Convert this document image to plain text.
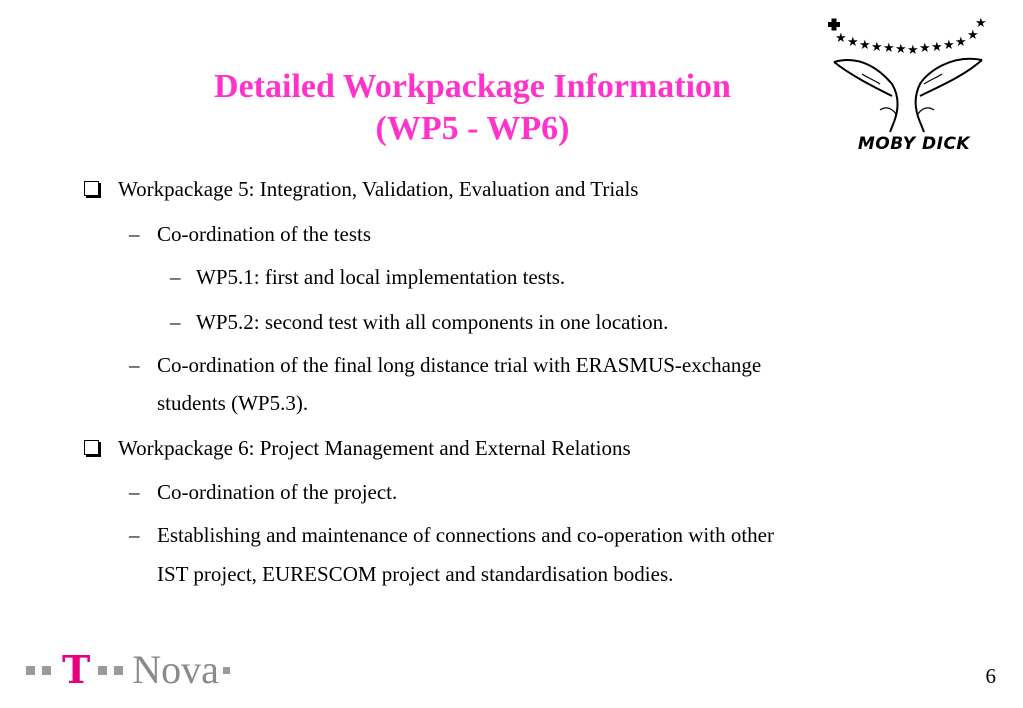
Detailed Workpackage Information
(WP5 - WP6)
★ ★ ★ ★ ★ ★ ★ ★ ★ ★ ★ ★
★
MOBY DICK
Workpackage 5: Integration, Validation, Evaluation and Trials
– Co-ordination of the tests
– WP5.1: first and local implementation tests.
– WP5.2: second test with all components in one location.
– Co-ordination of the final long distance trial with ERASMUS-exchange
students (WP5.3).
Workpackage 6: Project Management and External Relations
– Co-ordination of the project.
– Establishing and maintenance of connections and co-operation with other
IST project, EURESCOM project and standardisation bodies.
T Nova	6
